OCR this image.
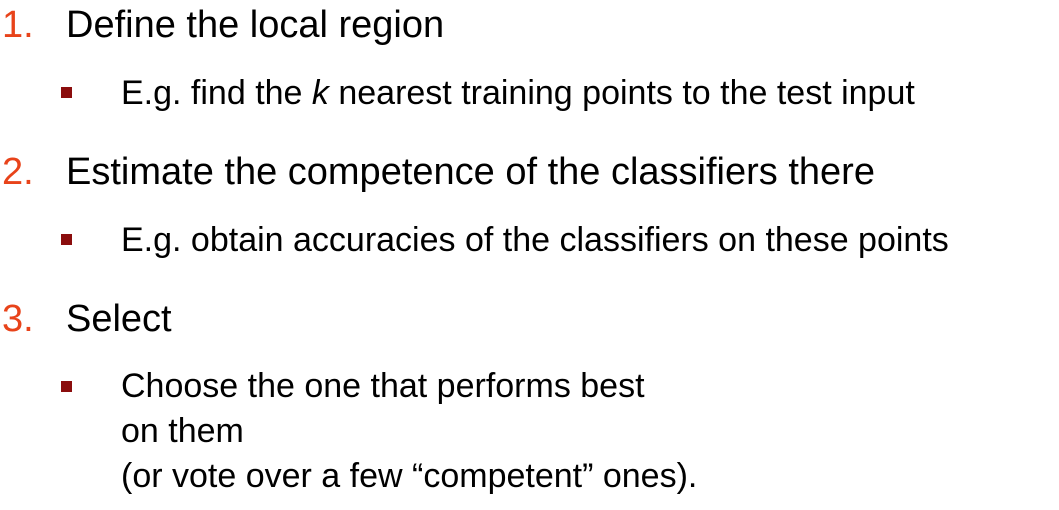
1. Define the local region
E.g. find the k nearest training points to the test input
2. Estimate the competence of the classifiers there
E.g. obtain accuracies of the classifiers on these points
3. Select
Choose the one that performs best
on them
(or vote over a few “competent” ones).
